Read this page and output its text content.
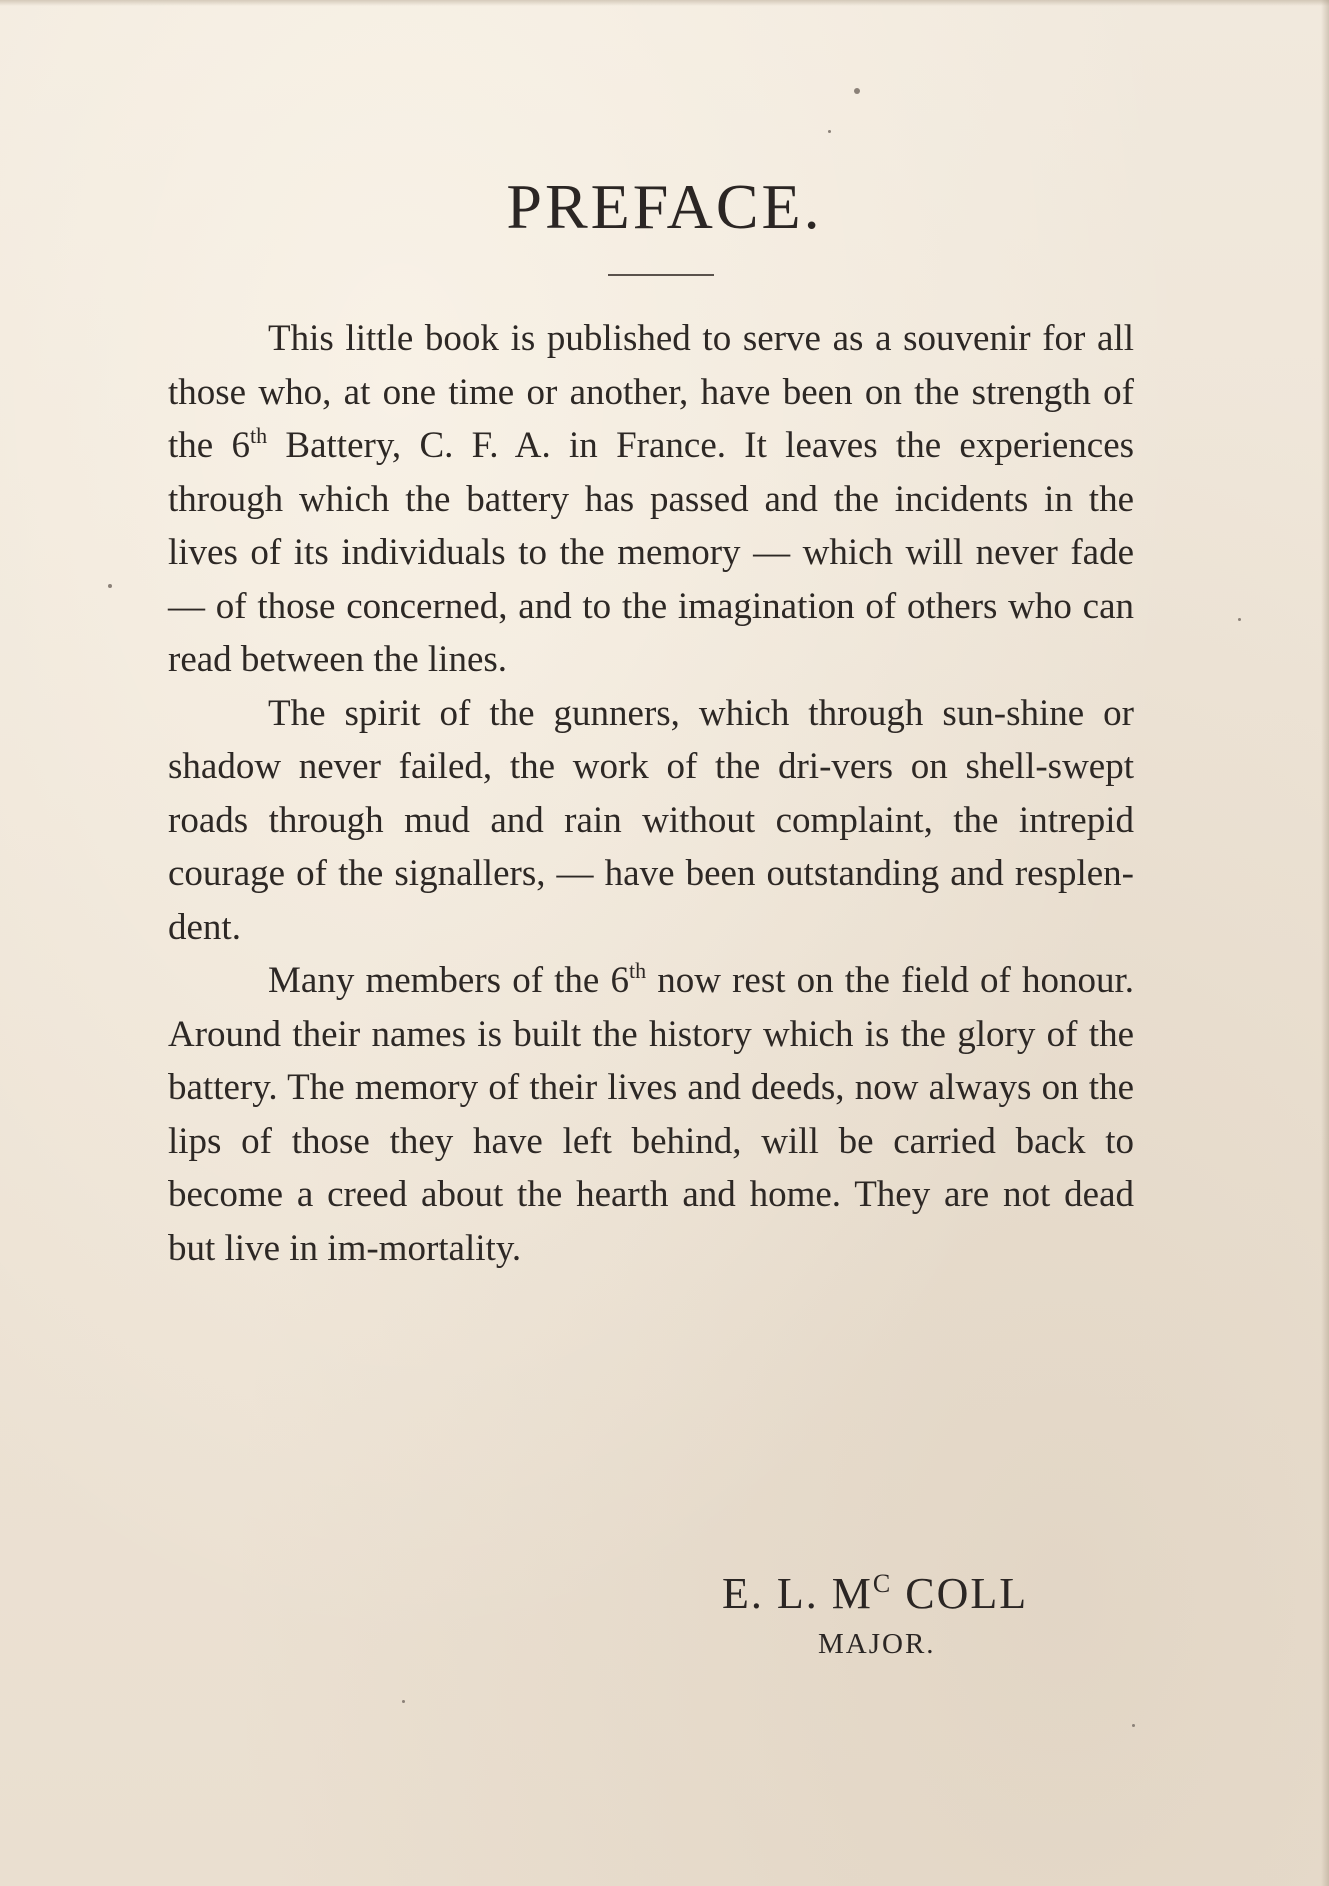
PREFACE.

This little book is published to serve as a souvenir for all those who, at one time or another, have been on the strength of the 6th Battery, C. F. A. in France. It leaves the experiences through which the battery has passed and the incidents in the lives of its individuals to the memory — which will never fade — of those concerned, and to the imagination of others who can read between the lines.

The spirit of the gunners, which through sun-shine or shadow never failed, the work of the dri-vers on shell-swept roads through mud and rain without complaint, the intrepid courage of the signallers, — have been outstanding and resplen-dent.

Many members of the 6th now rest on the field of honour. Around their names is built the history which is the glory of the battery. The memory of their lives and deeds, now always on the lips of those they have left behind, will be carried back to become a creed about the hearth and home. They are not dead but live in im-mortality.

E. L. $M^C$ COLL
MAJOR.
